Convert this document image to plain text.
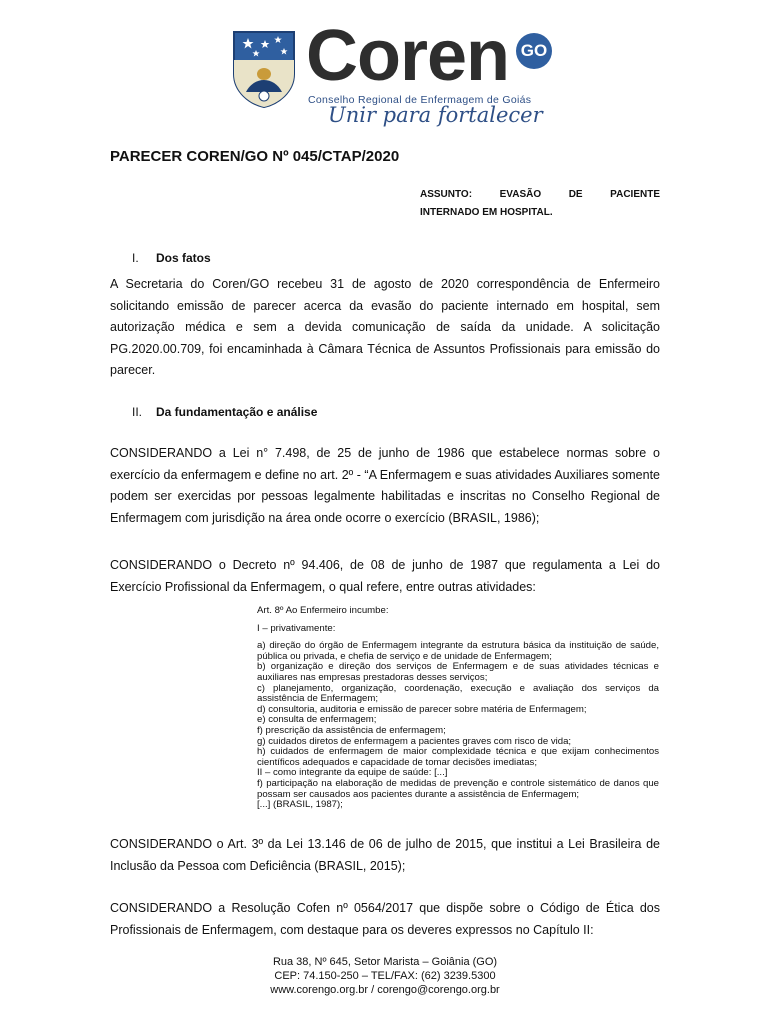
Coren GO
Conselho Regional de Enfermagem de Goiás
Unir para fortalecer
PARECER COREN/GO Nº 045/CTAP/2020
ASSUNTO: EVASÃO DE PACIENTE
INTERNADO EM HOSPITAL.
I. Dos fatos
A Secretaria do Coren/GO recebeu 31 de agosto de 2020 correspondência de Enfermeiro solicitando emissão de parecer acerca da evasão do paciente internado em hospital, sem autorização médica e sem a devida comunicação de saída da unidade. A solicitação PG.2020.00.709, foi encaminhada à Câmara Técnica de Assuntos Profissionais para emissão do parecer.
II. Da fundamentação e análise
CONSIDERANDO a Lei n° 7.498, de 25 de junho de 1986 que estabelece normas sobre o exercício da enfermagem e define no art. 2º - “A Enfermagem e suas atividades Auxiliares somente podem ser exercidas por pessoas legalmente habilitadas e inscritas no Conselho Regional de Enfermagem com jurisdição na área onde ocorre o exercício (BRASIL, 1986);
CONSIDERANDO o Decreto nº 94.406, de 08 de junho de 1987 que regulamenta a Lei do Exercício Profissional da Enfermagem, o qual refere, entre outras atividades:
Art. 8º Ao Enfermeiro incumbe:
I – privativamente:
a) direção do órgão de Enfermagem integrante da estrutura básica da instituição de saúde, pública ou privada, e chefia de serviço e de unidade de Enfermagem;
b) organização e direção dos serviços de Enfermagem e de suas atividades técnicas e auxiliares nas empresas prestadoras desses serviços;
c) planejamento, organização, coordenação, execução e avaliação dos serviços da assistência de Enfermagem;
d) consultoria, auditoria e emissão de parecer sobre matéria de Enfermagem;
e) consulta de enfermagem;
f) prescrição da assistência de enfermagem;
g) cuidados diretos de enfermagem a pacientes graves com risco de vida;
h) cuidados de enfermagem de maior complexidade técnica e que exijam conhecimentos científicos adequados e capacidade de tomar decisões imediatas;
II – como integrante da equipe de saúde: [...]
f) participação na elaboração de medidas de prevenção e controle sistemático de danos que possam ser causados aos pacientes durante a assistência de Enfermagem;
[...] (BRASIL, 1987);
CONSIDERANDO o Art. 3º da Lei 13.146 de 06 de julho de 2015, que institui a Lei Brasileira de Inclusão da Pessoa com Deficiência (BRASIL, 2015);
CONSIDERANDO a Resolução Cofen nº 0564/2017 que dispõe sobre o Código de Ética dos Profissionais de Enfermagem, com destaque para os deveres expressos no Capítulo II:
Rua 38, Nº 645, Setor Marista – Goiânia (GO)
CEP: 74.150-250 – TEL/FAX: (62) 3239.5300
www.corengo.org.br / corengo@corengo.org.br
